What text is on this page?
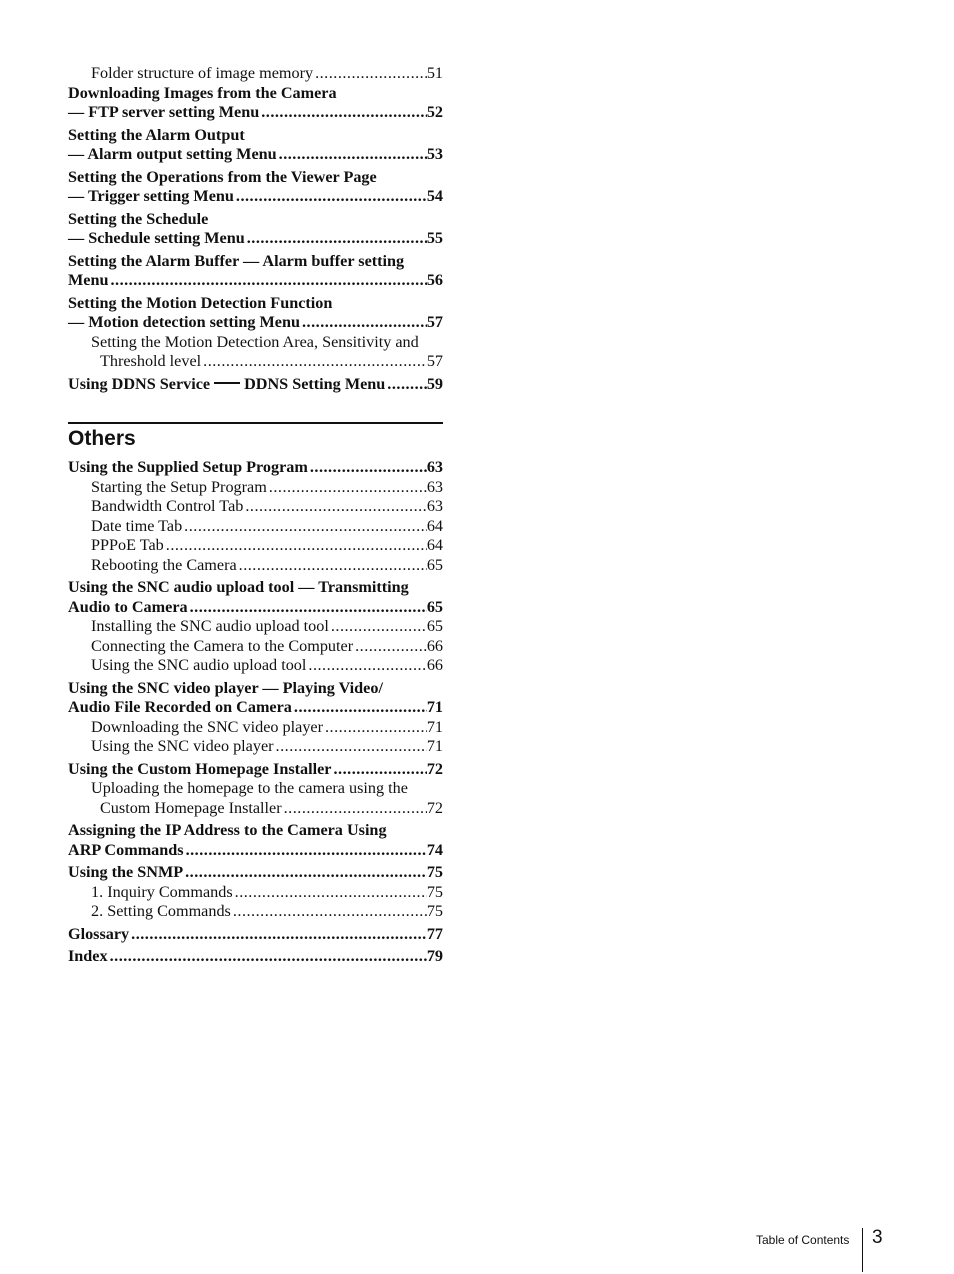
Folder structure of image memory .....	51
Downloading Images from the Camera
— FTP server setting Menu .....	52
Setting the Alarm Output
— Alarm output setting Menu .....	53
Setting the Operations from the Viewer Page
— Trigger setting Menu .....	54
Setting the Schedule
— Schedule setting Menu .....	55
Setting the Alarm Buffer — Alarm buffer setting
Menu .....	56
Setting the Motion Detection Function
— Motion detection setting Menu .....	57
Setting the Motion Detection Area, Sensitivity and
Threshold level .....	57
Using DDNS Service DDNS Setting Menu .....	59
Others
Using the Supplied Setup Program .....	63
Starting the Setup Program .....	63
Bandwidth Control Tab .....	63
Date time Tab .....	64
PPPoE Tab .....	64
Rebooting the Camera .....	65
Using the SNC audio upload tool — Transmitting
Audio to Camera .....	65
Installing the SNC audio upload tool .....	65
Connecting the Camera to the Computer .....	66
Using the SNC audio upload tool .....	66
Using the SNC video player — Playing Video/
Audio File Recorded on Camera .....	71
Downloading the SNC video player .....	71
Using the SNC video player .....	71
Using the Custom Homepage Installer .....	72
Uploading the homepage to the camera using the
Custom Homepage Installer .....	72
Assigning the IP Address to the Camera Using
ARP Commands .....	74
Using the SNMP .....	75
1. Inquiry Commands .....	75
2. Setting Commands .....	75
Glossary .....	77
Index .....	79
Table of Contents 3
